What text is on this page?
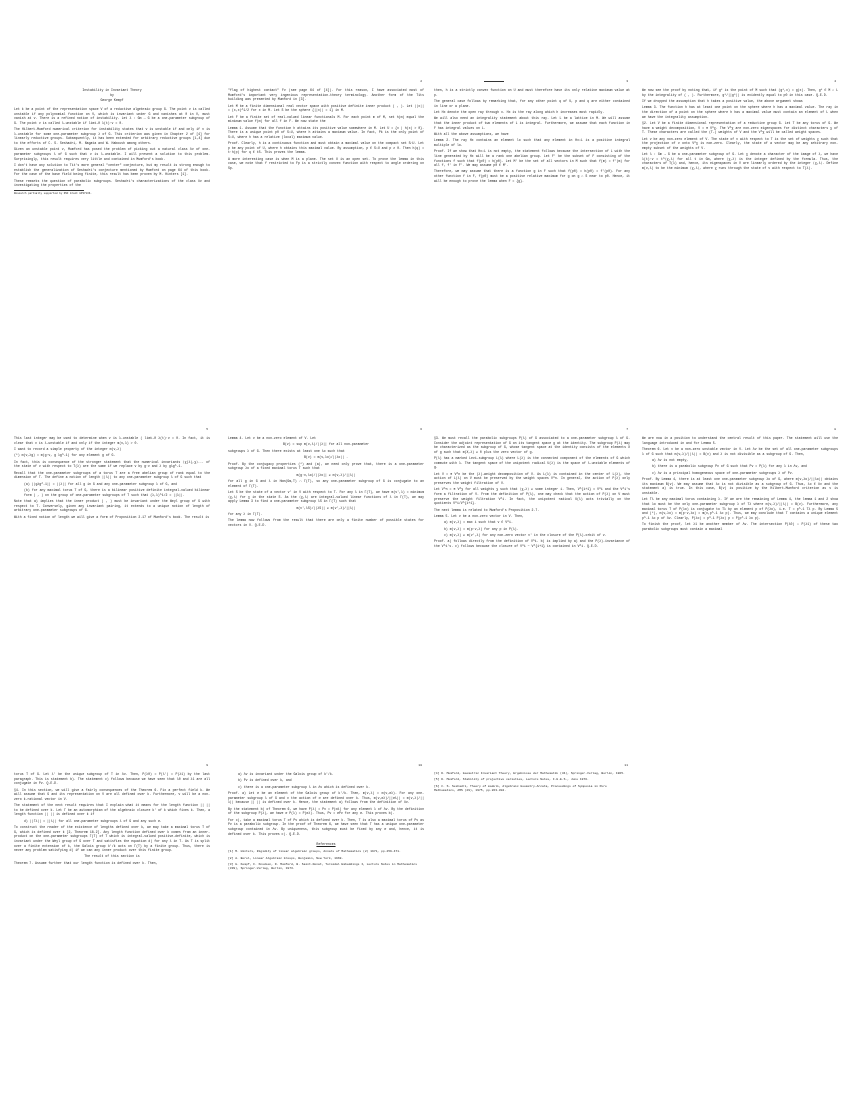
Instability in Invariant Theory
by
George Kempf

Let k be a point of the representation space V of a reductive algebraic group G. The point v is called unstable if any polynomial function on V, which is invariant under G and vanishes at 0 in V, must vanish at v. There is a refined notion of instability. Let λ : Gm → G be a one-parameter subgroup of G. The point v is called λ-unstable if limt→0 λ(t)·v = 0.

The Hilbert-Mumford numerical criterion for instability states that v is unstable if and only if v is λ-unstable for some one-parameter subgroup λ of G. This criterion was given in Chapter 2 of [4] for linearly reductive groups. Subsequently, it has been extended for arbitrary reductive groups [1,4] due to the efforts of C. S. Seshadri, M. Nagata and W. Haboush among others.

Given an unstable point v, Mumford has posed the problem of picking out a natural class Λv of one-parameter subgroups λ of G such that v is λ-unstable. I will present a solution to this problem. Surprisingly, this result requires very little and contained in Mumford's book.

I don't have any solution to Tit's more general "center" conjecture, but my result is strong enough to establish the generalization of Seshadri's conjecture mentioned by Mumford on page 64 of this book. For the case of the base field being finite, this result has been proven by M. Hinters [1].

These remarks the question of parabolic subgroups. Seshadri's characterizations of the class Λv and investigating the properties of the

Research partially supported by NSF Grant GP37136.
2

"flag of highest contact" Fv (see page 64 of [4]). For this reason, I have associated most of Mumford's important very ingenious representation-theory terminology. Another form of the Tits building was presented by Mumford in [3].

Let M be a finite dimensional real vector space with positive definite inner product ( , ). Let ||x|| = (x,x)^1/2 for x in M. Let S be the sphere {||x|| = 1} in M.

Let F be a finite set of real-valued linear functionals M. For each point m of M, set h(m) equal the minimum value f(m) for all f in F. We now state the

Lemma 1. Assume that the function h attains its positive value somewhere in M. Let U = {x | h(x) > 0}. There is a unique point p0 of S∩U, where h attains a maximum value. In fact, Pk is the only point of S∩U, where h has a relative (local) maximum value.

Proof. Clearly, h is a continuous function and must obtain a maximal value on the compact set S∩U. Let p be any point of U, where h obtains this maximal value. By assumption, p ∈ S∩U and p ≠ 0. Then h(q) = t·h(p) for q ∈ tS. This proves the lemma.

A more interesting case is when M is a plane. The set U is an open set. To prove the lemma in this case, we note that f restricted to Fp is a strictly convex function with respect to angle ordering on Sp.

3

then, h is a strictly convex function on U and must therefore have its only relative maximum value at p.

The general case follows by remarking that, for any other point q of U, p and q are either contained in line or a plane.

Let Hx denote the open ray through x. Hx is the ray along which h increases most rapidly.

We will also need an integrality statement about this ray. Let L be a lattice in M. We will assume that the inner product of two elements of L is integral. Furthermore, we assume that each function in F has integral values on L.

With all the above assumptions, we have

Lemma 2. The ray Hx contains an element lo such that any element in Hx∩L is a positive integral multiple of lo.

Proof. If we show that Hx∩L is not empty, the statement follows because the intersection of L with the line generated by Hx will be a rank one abelian group. Let F' be the subset of F consisting of the functions f such that f(p0) = h(p0). Let M' be the set of all vectors in M such that f(m) = f'(m) for all f, f' in F'. We may assume p0 ∈ M'.

Therefore, we may assume that there is a function g in F such that f(p0) = h(p0) = f'(p0). For any other function f in F, f(p0) must be a positive relative maximum for g on g ∩ S near to p0. Hence, it will be enough to prove the lemma when F = {g}.

4

We now see the proof by noting that, if g* is the point of M such that (g*,x) = g(x). Then, g* ∈ M ∩ L by the integrality of ( , ). Furthermore, g*/||g*|| is evidently equal to p0 in this case. Q.E.D.

If we dropped the assumption that h takes a positive value, the above argument shows

Lemma 3. The function h has at least one point on the sphere where h has a maximal value. The ray in the direction of a point on the sphere where h has a maximal value must contain an element of L when we have the integrality assumption.

§2. Let V be a finite dimensional representation of a reductive group G. Let T be any torus of G. We have a weight decomposition, V = ⊕ V^χ. The V^χ are non-zero eigenspaces for distinct characters χ of T. These characters are called the (T-) weights of V and the V^χ will be called weight spaces.

Let v be any non-zero element of V. The state of v with respect to T is the set of weights χ such that the projection of v onto V^χ is non-zero. Clearly, the state of a vector may be any arbitrary non-empty subset of the weights of V.

Let λ : Gm → G be a one-parameter subgroup of G. Let χ denote a character of the image of λ, we have λ(t)·v = t^⟨χ,λ⟩ for all t in Gm, where ⟨χ,λ⟩ is the integer defined by the formula. Thus, the characters of T(λ) and, hence, its eigenspaces in V are linearly ordered by the integer ⟨χ,λ⟩. Define m(v,λ) to be the minimum ⟨χ,λ⟩, where χ runs through the state of v with respect to T(λ).

5

This last integer may be used to determine when v is λ-unstable ( limt→0 λ(t)·v = 0. In fact, it is clear that v is λ-unstable if and only if the integer m(v,λ) > 0.

I want to record a simple property of the integer m(v,λ)

(*) m(v,λg) = m(g·v, g λg^-1) for any element g of G.

In fact, this is consequence of the stronger statement that the numerical invariants ⟨χ(λ),χ⟩... of the state of v with respect to T(λ) are the same if we replace v by g·v and λ by gλg^-1.

Recall that the one-parameter subgroups of a torus T are a free abelian group of rank equal to the dimension of T. The define a notion of length ||λ|| to any one-parameter subgroup λ of G such that

(a) ||gλg^-1|| = ||λ|| for all g in G and any one-parameter subgroup λ of G, and

(b) for any maximal torus T of G, there is a bilinear positive definite integral-valued bilinear form ( , ) on the group of one-parameter subgroups of T such that (λ,λ)^1/2 = ||λ||.

Note that a) implies that the inner product ( , ) must be invariant under the Weyl group of G with respect to T. Conversely, given any invariant pairing, it extends to a unique notion of length of arbitrary one-parameter subgroups of G.

With a fixed notion of length we will give a form of Proposition 2.17 of Mumford's book. The result is

6

Lemma 4. Let v be a non-zero element of V. Let

B(v) = sup m(v,λ)/||λ|| for all non-parameter

subgroups λ of G. Then there exists at least one λo such that

B(v) = m(v,λo)/||λo|| .

Proof. By the conjugacy properties (*) and (a), we need only prove that, there is a one-parameter subgroup λo of a fixed maximal torus T such that

m(g·v,λo)/||λo|| ≥ m(v,λ)/||λ||

for all g in G and λ in Hom(Gm,T) ∩ Γ(T), so any one-parameter subgroup of G is conjugate to an element of Γ(T).

Let S be the state of a vector v' in V with respect to T. For any λ in Γ(T), we have m(v',λ) = minimum ⟨χ,λ⟩ for χ in the state S. As the ⟨χ,λ⟩ are integral-valued linear functions of λ in Γ(T), we may apply Lemma 3 to find a one-parameter subgroup λS in Γ(T) such that

m(v',λS)/||λS|| ≥ m(v',λ)/||λ||

for any λ in Γ(T).

The lemma now follows from the result that there are only a finite number of possible states for vectors in V. Q.E.D.

7

§3. We must recall the parabolic subgroups P(λ) of G associated to a one-parameter subgroup λ of G. Consider the adjoint representation of G on its tangent space g at the identity. The subgroup P(λ) may be characterized as the subgroup of G, whose tangent space at the identity consists of the elements X of g such that m(X,λ) ≥ 0 plus the zero vector of g.

P(λ) has a marked Levi-subgroup L(λ) where L(λ) is the connected component of the elements of G which commute with λ. The tangent space of the unipotent radical U(λ) is the space of λ-unstable elements of g.

Let V = ⊕ V^n be the (λ)-weight decomposition of V. As L(λ) is contained in the center of L(λ), the action of L(λ) on V must be preserved by the weight spaces V^n. In general, the action of P(λ) only preserves the weight filtration of V.

Let V^n = ⊕ V^χ for all weights χ such that ⟨χ,λ⟩ ≥ some integer i. Then, V^{i+1} ⊂ V^i and the V^i's form a filtration of V. From the definition of P(λ), one may check that the action of P(λ) on V must preserve the weight filtration V^i. In fact, the unipotent radical U(λ) acts trivially on the quotients V^i/V^{i+1}.

The next lemma is related to Mumford's Proposition 2.7.

Lemma 5. Let v be a non-zero vector in V. Then,

a) m(v,λ) = max i such that v ∈ V^i.

b) m(v,λ) = m(p·v,λ) for any p in P(λ).

c) m(v,λ) ≥ m(v',λ) for any non-zero vector v' in the closure of the P(λ)-orbit of v.

Proof. a) follows directly from the definition of V^i. b) is implied by a) and the P(λ)-invariance of the V^i's. c) follows because the closure of V^i − V^{i+1} is contained in V^i. Q.E.D.

8

We are now in a position to understand the central result of this paper. The statement will use the language introduced in and for Lemma 5.

Theorem 6. Let v be a non-zero unstable vector in V. Let Λv be the set of all one-parameter subgroups λ of G such that m(v,λ)/||λ|| = B(v) and λ is not divisible as a subgroup of G. Then,

a) Λv is not empty,

b) there is a parabolic subgroup Pv of G such that Pv = P(λ) for any λ in Λv, and

c) Λv is a principal homogeneous space of one-parameter subgroups λ of Pv.

Proof. By Lemma 4, there is at least one one-parameter subgroup λo of G, where m(v,λo)/||λo|| obtains its maximum B(v). We may assume that λo is not divisible as a subgroup of G. Thus, λo ∈ Λv and the statement a) is true. In this case, B(v) is positive by the Hilbert-Mumford criterion as v is unstable.

Let Tλ be any maximal torus containing λ. If we are the remaining of Lemma 4, the lemma 1 and 2 show that λo must be the only one-parameter subgroup λ of Tλ where m(v,λ)/||λ|| = B(v). Furthermore, any maximal torus T of P(λo) is conjugate to Tλ by an element p of P(λo), i.e. T = p^-1 Tλ p. By Lemma 5 and (*), m(v,λo) = m(p·v,λo) = m(v,p^-1 λo p). Thus, we may conclude that T contains a unique element p^-1 λo p of Λv. Clearly, P(λo) = p^-1 P(λo) p = P(p^-1 λo p).

To finish the proof, let λ1 be another member of Λv. The intersection P(λ0) ∩ P(λ1) of these two parabolic subgroups must contain a maximal

9

torus T of G. Let λ' be the unique subgroup of T in Λv. Then, P(λ0) = P(λ') = P(λ1) by the last paragraph. This is statement b). The statement c) follows because we have seen that λ0 and λ1 are all conjugate in Pv. Q.E.D.

§4. In this section, we will give a fairly consequences of the Theorem 6. Fix a perfect field k. We will assume that G and its representation on V are all defined over k. Furthermore, v will be a non-zero k-rational vector in V.

The statement of the next result requires that I explain what it means for the length function || || to be defined over k. Let Γ be an automorphism of the algebraic closure k' of k which fixes k. Then, a length function || || is defined over k if

d) ||Γλ|| = ||λ|| for all one-parameter subgroups λ of G and any such σ.

To construct the reader of the existence of lengths defined over k, we may take a maximal torus T of G, which is defined over k [2, Theorem 18.2]. Any length function defined over k comes from an inner-product on the one-parameter subgroups Γ(T) of T which is integral-valued positive-definite, which is invariant under the Weyl group of G over T and satisfies the equation d) for any λ in T. As T is split over a finite extension of k, the Galois group k'/k acts on Γ(T) by a finite group. Thus, there is never any problem satisfying d) if we can any inner product over this finite group.

The result of this section is

Theorem 7. Assume further that our length function is defined over k. Then,

10

a) Λv is invariant under the Galois group of k'/k.

b) Pv is defined over k, and

c) there is a one-parameter subgroup λ in Λv which is defined over k.

Proof. a) Let σ be an element of the Galois group of k'/k. Then, m(v,λ) = m(v,σλ). For any one-parameter subgroup λ of G and v the action of σ are defined over k. Thus, m(v,σλ)/||σλ|| = m(v,λ)/||λ|| because || || is defined over k. Hence, the statement a) follows from the definition of Λv.

By the statement b) of Theorem 6, we have P(λ) = Pv = P(σλ) for any element λ of Λv. By the definition of the subgroup P(λ), we have σ P(λ) = P(σλ). Thus, Pv = σPv for any σ. This proves b).

For c), take a maximal torus T of Pv which is defined over k. Then, T is also a maximal torus of Pv as Pv is a parabolic subgroup. In the proof of Theorem 6, we have seen that T has a unique one-parameter subgroup contained in Λv. By uniqueness, this subgroup must be fixed by any σ and, hence, it is defined over k. This proves c). Q.E.D.

References

[1] M. Hinters, Rigidity of linear algebraic groups, Annals of Mathematics (2) 1971, pp.459-471.

[2] A. Borel, Linear Algebraic Groups, Benjamin, New York, 1969.

[3] G. Kempf, F. Knudsen, D. Mumford, B. Saint-Donat, Toroidal Embeddings I, Lecture Notes in Mathematics (339), Springer-Verlag, Berlin, 1973.

11

[4] D. Mumford, Geometric Invariant Theory, Ergebnisse der Mathematik (34), Springer-Verlag, Berlin, 1965.

[5] D. Mumford, Stability of projective varieties, Lecture Notes, I.H.E.S., June 1976.

[6] C. S. Seshadri, Theory of moduli, Algebraic Geometry-Arcata, Proceedings of Symposia in Pure Mathematics, AMS (29), 1975, pp.263-304.
